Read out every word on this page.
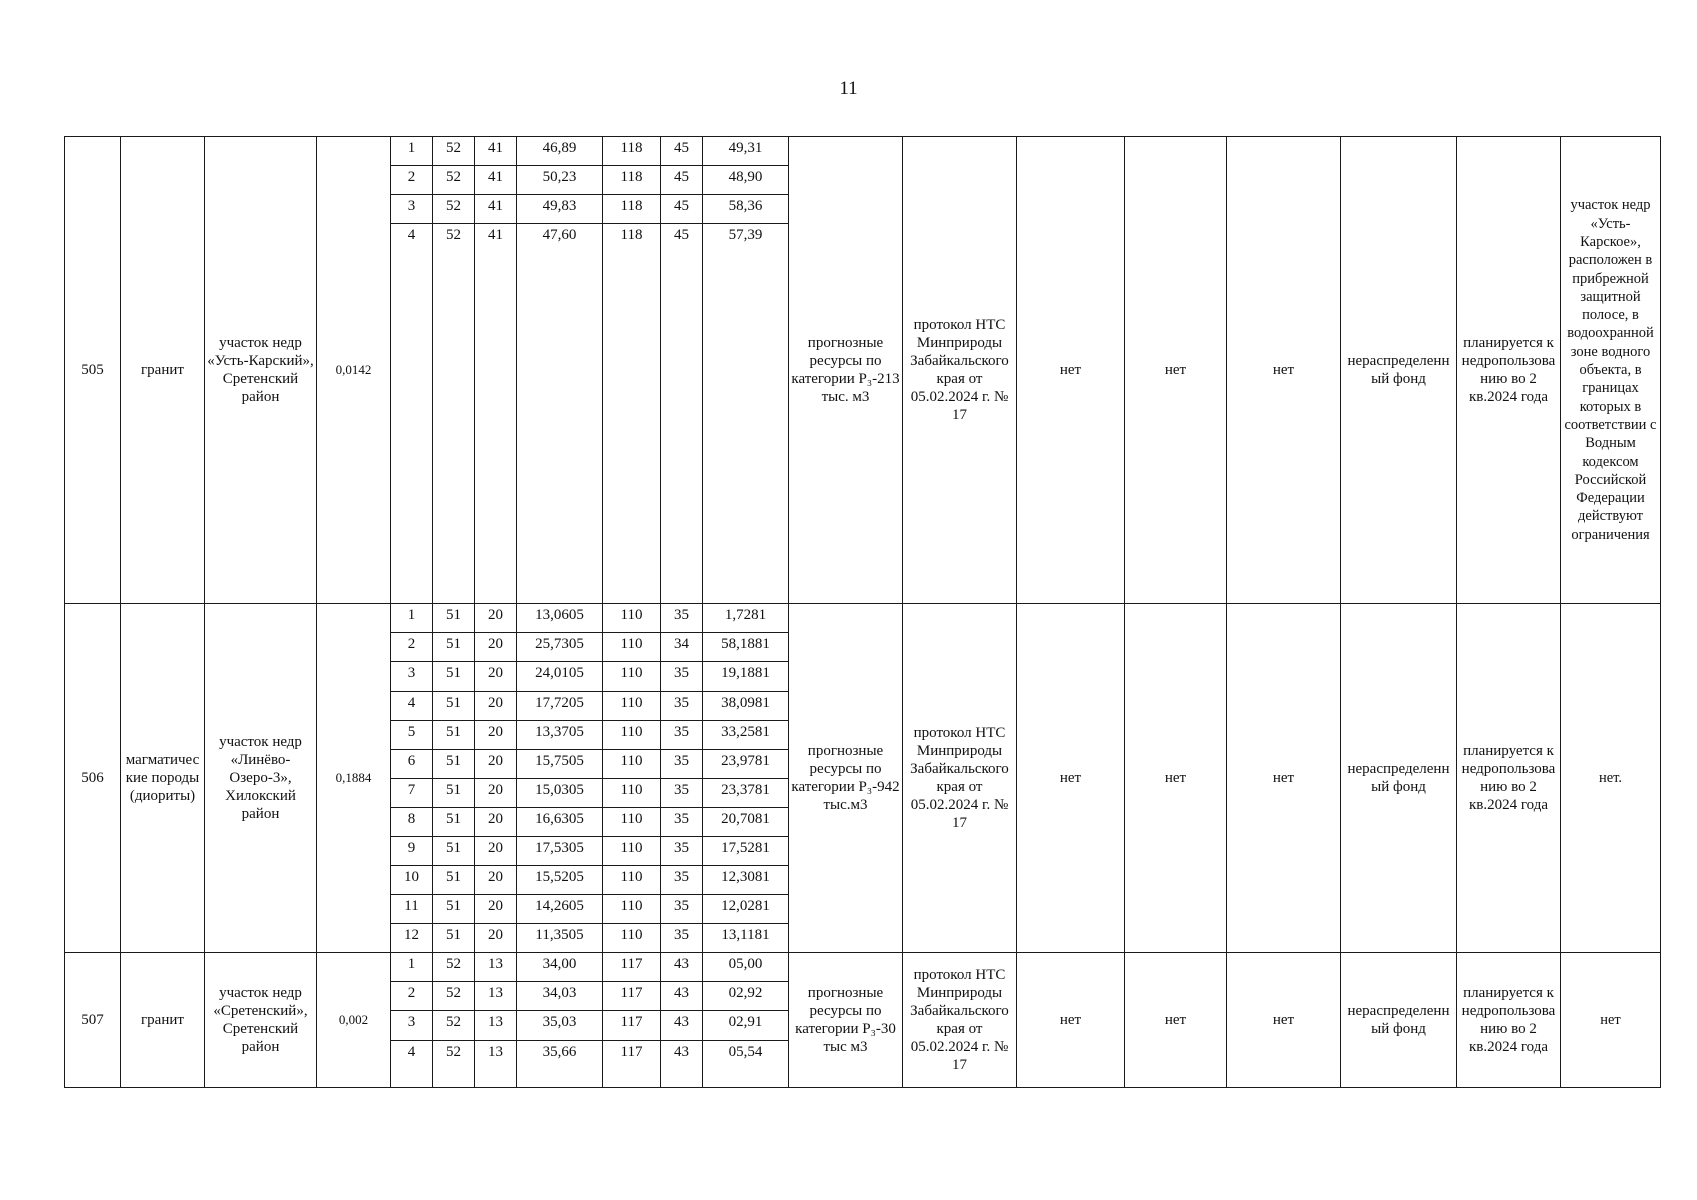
11
505	гранит	участок недр «Усть-Карский», Сретенский район	0,0142	1	52	41	46,89	118	45	49,31	прогнозные ресурсы по категории Р₃-213 тыс. м3	протокол НТС Минприроды Забайкальского края от 05.02.2024 г. № 17	нет	нет	нет	нераспределенный фонд	планируется к недропользованию во 2 кв.2024 года	участок недр «Усть-Карское», расположен в прибрежной защитной полосе, в водоохранной зоне водного объекта, в границах которых в соответствии с Водным кодексом Российской Федерации действуют ограничения
				2	52	41	50,23	118	45	48,90								
				3	52	41	49,83	118	45	58,36								
				4	52	41	47,60	118	45	57,39								
506	магматические породы (диориты)	участок недр «Линёво-Озеро-3», Хилокский район	0,1884	1	51	20	13,0605	110	35	1,7281	прогнозные ресурсы по категории Р₃-942 тыс.м3	протокол НТС Минприроды Забайкальского края от 05.02.2024 г. № 17	нет	нет	нет	нераспределенный фонд	планируется к недропользованию во 2 кв.2024 года	нет.
				2	51	20	25,7305	110	34	58,1881								
				3	51	20	24,0105	110	35	19,1881								
				4	51	20	17,7205	110	35	38,0981								
				5	51	20	13,3705	110	35	33,2581								
				6	51	20	15,7505	110	35	23,9781								
				7	51	20	15,0305	110	35	23,3781								
				8	51	20	16,6305	110	35	20,7081								
				9	51	20	17,5305	110	35	17,5281								
				10	51	20	15,5205	110	35	12,3081								
				11	51	20	14,2605	110	35	12,0281								
				12	51	20	11,3505	110	35	13,1181								
507	гранит	участок недр «Сретенский», Сретенский район	0,002	1	52	13	34,00	117	43	05,00	прогнозные ресурсы по категории Р₃-30 тыс м3	протокол НТС Минприроды Забайкальского края от 05.02.2024 г. № 17	нет	нет	нет	нераспределенный фонд	планируется к недропользованию во 2 кв.2024 года	нет
				2	52	13	34,03	117	43	02,92								
				3	52	13	35,03	117	43	02,91								
				4	52	13	35,66	117	43	05,54								
